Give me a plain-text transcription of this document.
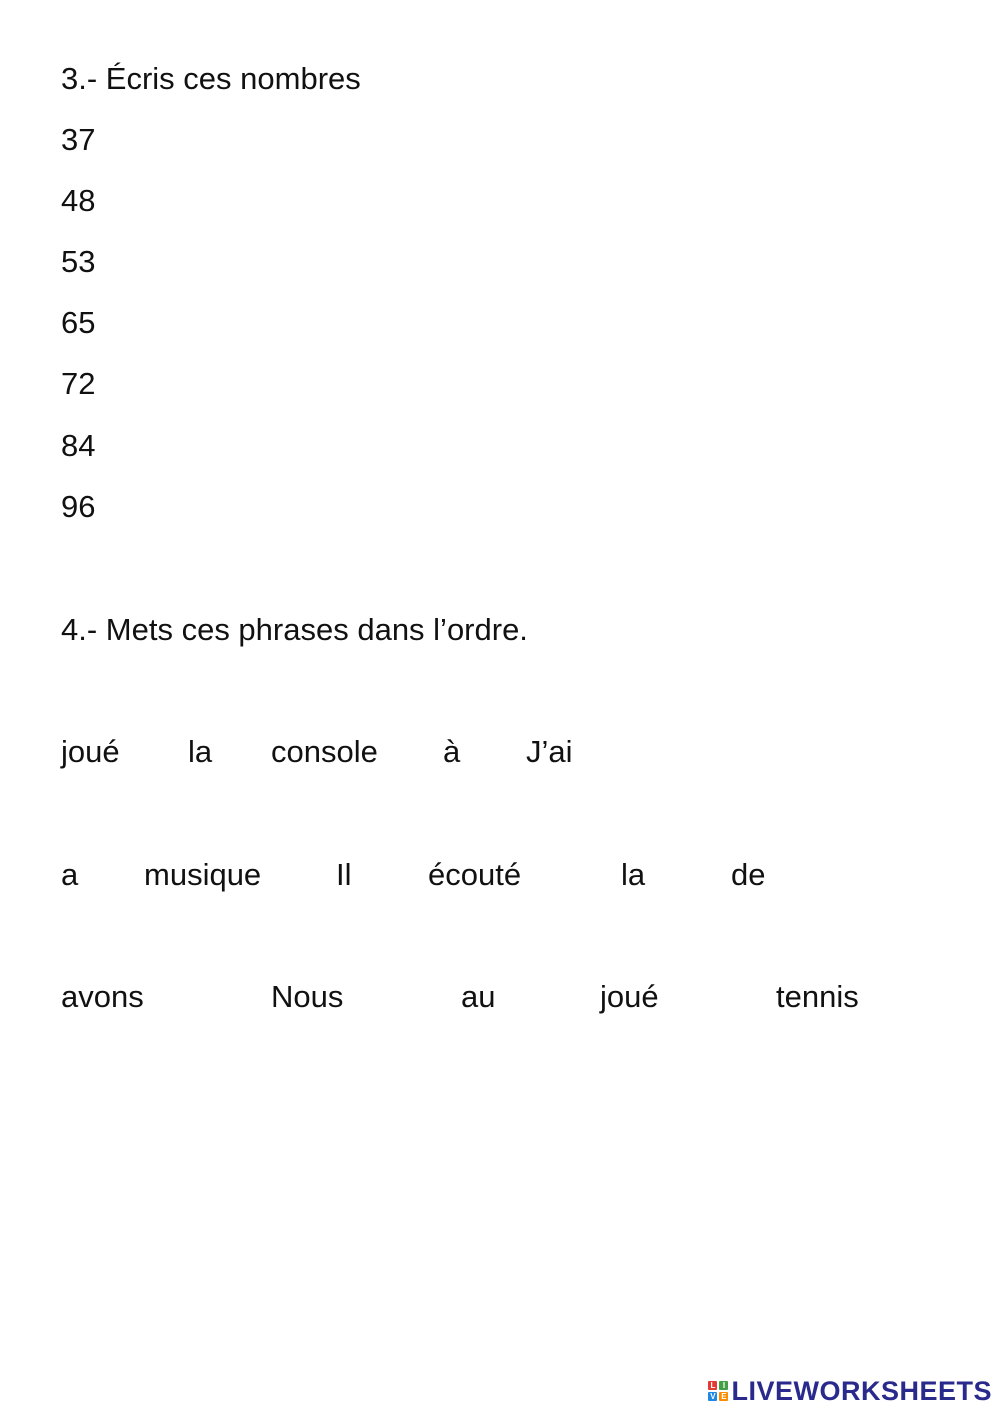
3.- Écris ces nombres
37
48
53
65
72
84
96
4.- Mets ces phrases dans l’ordre.
joué la console à J’ai
a musique Il écouté	la	de
avons	Nous	au	joué	tennis
L I
V E LIVEWORKSHEETS
